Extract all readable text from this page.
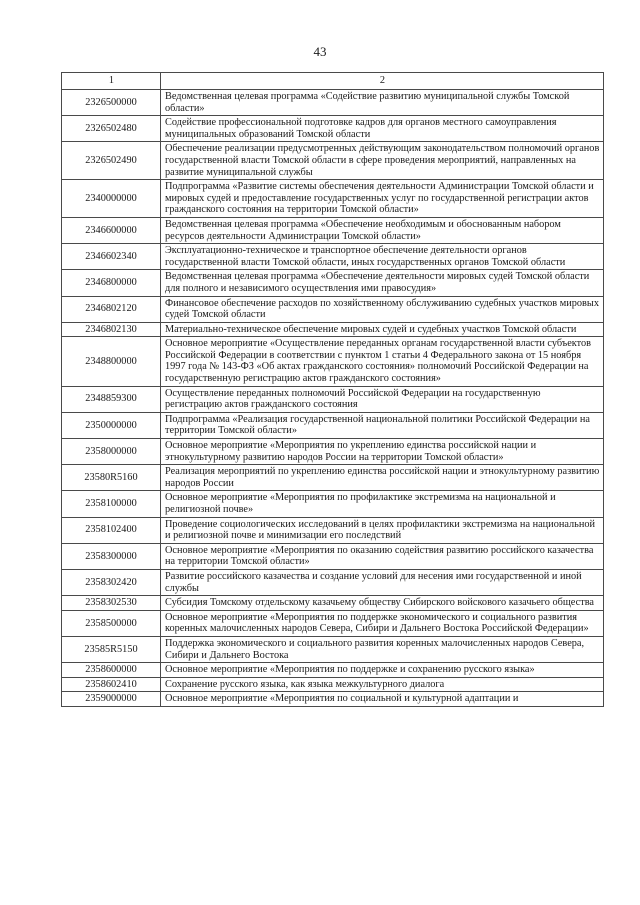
43
1	2
2326500000	Ведомственная целевая программа «Содействие развитию муниципальной службы Томской области»
2326502480	Содействие профессиональной подготовке кадров для органов местного самоуправления муниципальных образований Томской области
2326502490	Обеспечение реализации предусмотренных действующим законодательством полномочий органов государственной власти Томской области в сфере проведения мероприятий, направленных на развитие муниципальной службы
2340000000	Подпрограмма «Развитие системы обеспечения деятельности Администрации Томской области и мировых судей и предоставление государственных услуг по государственной регистрации актов гражданского состояния на территории Томской области»
2346600000	Ведомственная целевая программа «Обеспечение необходимым и обоснованным набором ресурсов деятельности Администрации Томской области»
2346602340	Эксплуатационно-техническое и транспортное обеспечение деятельности органов государственной власти Томской области, иных государственных органов Томской области
2346800000	Ведомственная целевая программа «Обеспечение деятельности мировых судей Томской области для полного и независимого осуществления ими правосудия»
2346802120	Финансовое обеспечение расходов по хозяйственному обслуживанию судебных участков мировых судей Томской области
2346802130	Материально-техническое обеспечение мировых судей и судебных участков Томской области
2348800000	Основное мероприятие «Осуществление переданных органам государственной власти субъектов Российской Федерации в соответствии с пунктом 1 статьи 4 Федерального закона от 15 ноября 1997 года № 143-ФЗ «Об актах гражданского состояния» полномочий Российской Федерации на государственную регистрацию актов гражданского состояния»
2348859300	Осуществление переданных полномочий Российской Федерации на государственную регистрацию актов гражданского состояния
2350000000	Подпрограмма «Реализация государственной национальной политики Российской Федерации на территории Томской области»
2358000000	Основное мероприятие «Мероприятия по укреплению единства российской нации и этнокультурному развитию народов России на территории Томской области»
23580R5160	Реализация мероприятий по укреплению единства российской нации и этнокультурному развитию народов России
2358100000	Основное мероприятие «Мероприятия по профилактике экстремизма на национальной и религиозной почве»
2358102400	Проведение социологических исследований в целях профилактики экстремизма на национальной и религиозной почве и минимизации его последствий
2358300000	Основное мероприятие «Мероприятия по оказанию содействия развитию российского казачества на территории Томской области»
2358302420	Развитие российского казачества и создание условий для несения ими государственной и иной службы
2358302530	Субсидия Томскому отдельскому казачьему обществу Сибирского войскового казачьего общества
2358500000	Основное мероприятие «Мероприятия по поддержке экономического и социального развития коренных малочисленных народов Севера, Сибири и Дальнего Востока Российской Федерации»
23585R5150	Поддержка экономического и социального развития коренных малочисленных народов Севера, Сибири и Дальнего Востока
2358600000	Основное мероприятие «Мероприятия по поддержке и сохранению русского языка»
2358602410	Сохранение русского языка, как языка межкультурного диалога
2359000000	Основное мероприятие «Мероприятия по социальной и культурной адаптации и
